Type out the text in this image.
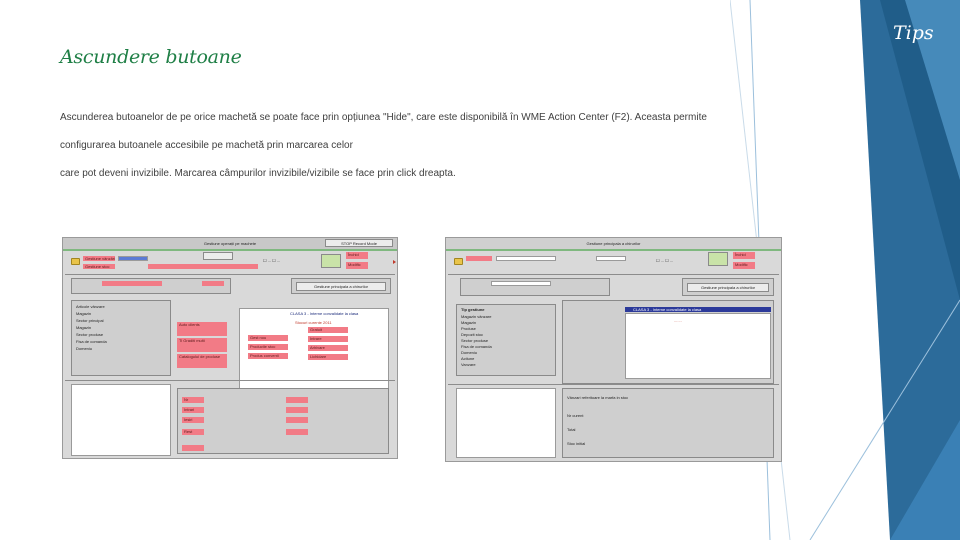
Tips
Ascundere butoane

Ascunderea butoanelor de pe orice machetă se poate face prin opțiunea "Hide", care este disponibilă în WME Action Center (F2). Aceasta permite

configurarea butoanele accesibile pe machetă prin marcarea celor

care pot deveni invizibile. Marcarea câmpurilor invizibile/vizibile se face prin click dreapta.

Gestiune operații pe machete	STOP Record Mode
Gestiune vânzări
Gestiune stoc
☐ ... ☐ ...
Închid
Modific
Gestiune principala a chirurilor
Articole vânzare
Magazin
Sector principal
Magazin
Sector produse
Fisa de comanda
Domeniu
Auto clients
Ti Graditi multi
Catalogului de produse
CLASA 3 - Interne convalidate la clasa
Stocuri curente 2011
Gest nou
Productie stoc
Produs conventi
Gratuit
Intrare
Arhivare
Lichidare
Nr
Intrari
Iesiri
Rest
Gestiune principala a chirurilor
☐ ... ☐ ...
Închid
Modific
Gestiune principala a chirurilor
Tip gestiune
Magazin vânzare
Magazin
Produse
Depozit stoc
Sector produse
Fisa de comanda
Domeniu
Actiune
Vanzare
CLASA 3 - Interne convalidate la clasa
.......
Vânzari referitoare la marfa in stoc
Nr curent
Total
Stoc initial
